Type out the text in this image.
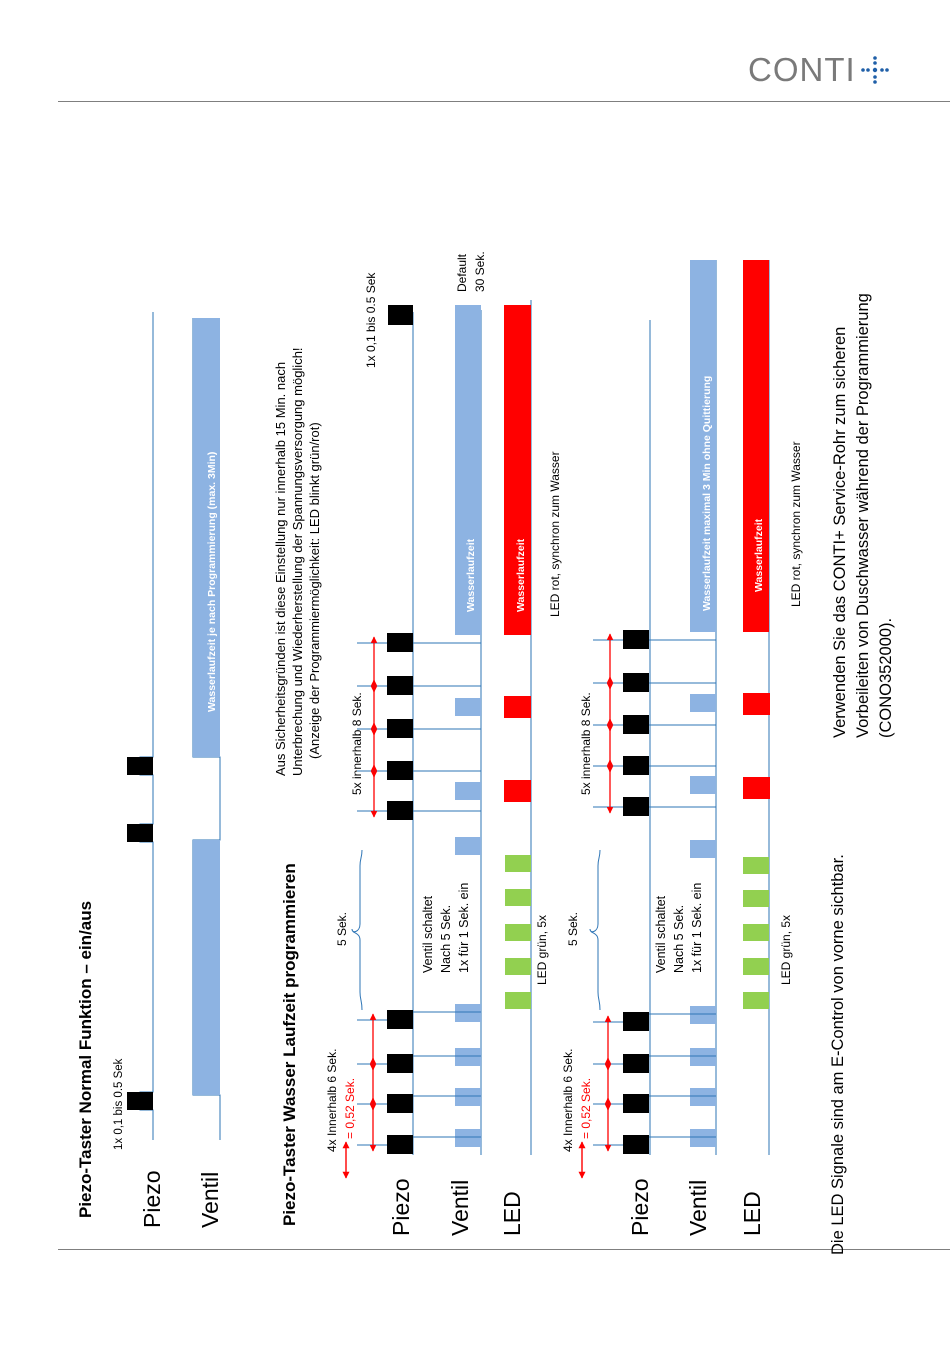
CONTI
Piezo-Taster Normal Funktion – ein/aus 1x 0,1 bis 0.5 Sek
Piezo Ventil
Wasserlaufzeit je nach Programmierung (max. 3Min)
Piezo-Taster Wasser Laufzeit programmieren
Aus Sicherheitsgründen ist diese Einstellung nur innerhalb 15 Min. nach Unterbrechung und Wiederherstellung der Spannungsversorgung möglich! (Anzeige der Programmiermöglichkeit: LED blinkt grün/rot)
4x Innerhalb 6 Sek. = 0,52 Sek.
5 Sek.	Ventil schaltet Nach 5 Sek. 1x für 1 Sek. ein	LED grün, 5x
5x innerhalb 8 Sek.
1x 0,1 bis 0.5 Sek	Default 30 Sek.
Piezo Ventil LED
Wasserlaufzeit	Wasserlaufzeit LED rot, synchron zum Wasser
4x Innerhalb 6 Sek. = 0,52 Sek.
5 Sek.	Ventil schaltet Nach 5 Sek. 1x für 1 Sek. ein	LED grün, 5x
5x innerhalb 8 Sek.
Piezo Ventil LED
Wasserlaufzeit maximal 3 Min ohne Quittierung	Wasserlaufzeit LED rot, synchron zum Wasser
Die LED Signale sind am E-Control von vorne sichtbar.
Verwenden Sie das CONTI+ Service-Rohr zum sicheren Vorbeileiten von Duschwasser während der Programmierung (CONO352000).
